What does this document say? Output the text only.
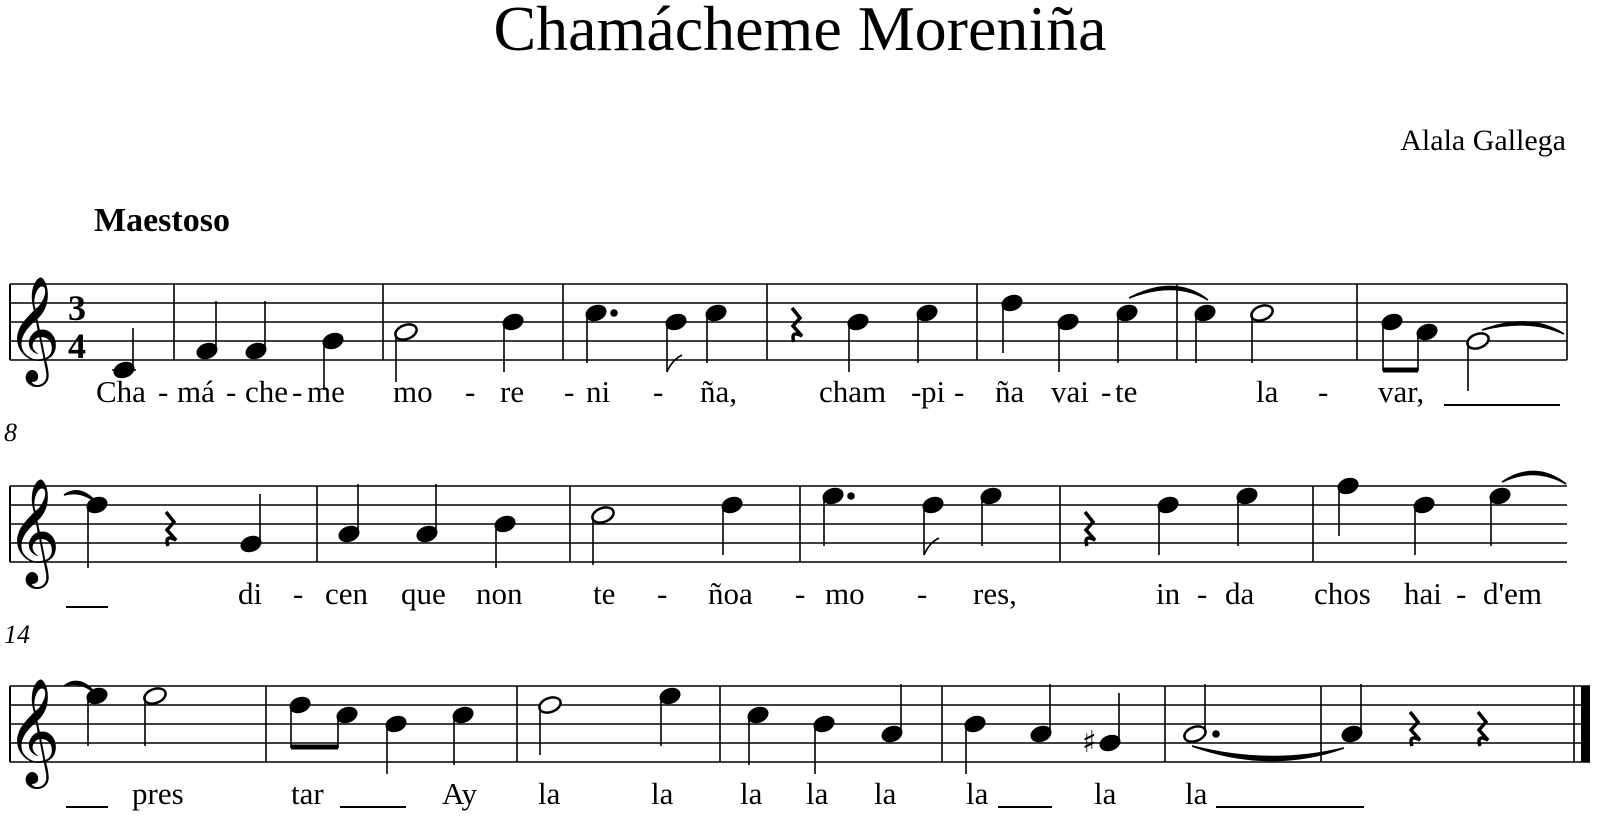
Chamácheme Moreniña
Alala Gallega
Maestoso
8
14
𝄞 3
4
Cha - má - che - me mo - re - ni - ña,	cham - pi - ña vai - te	la - var,
𝄞
di - cen que non te - ñoa - mo - res,	in - da chos hai - d'em
𝄞	♯
pres	tar	Ay la	la la la la la	la la
